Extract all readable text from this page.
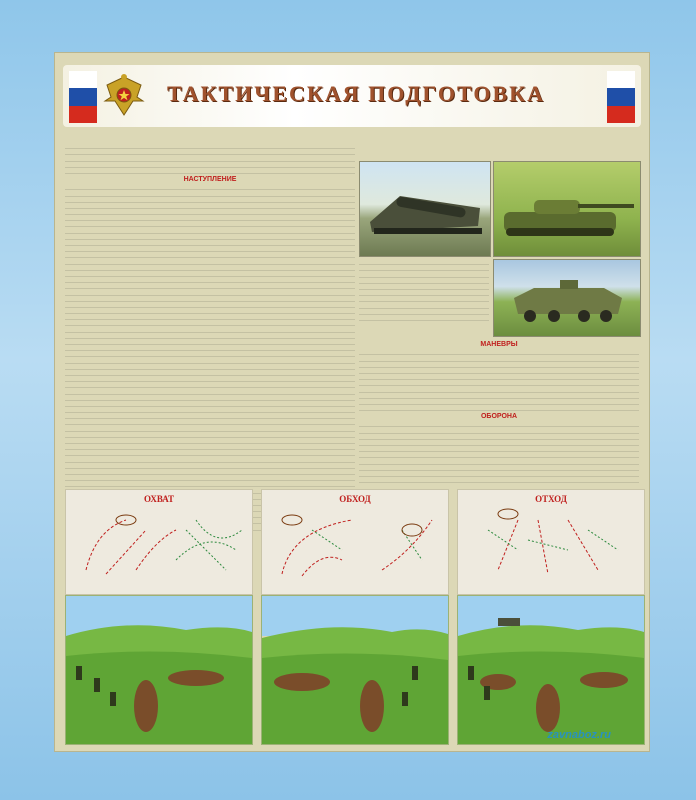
ТАКТИЧЕСКАЯ ПОДГОТОВКА
НАСТУПЛЕНИЕ
МАНЕВРЫ
ОБОРОНА
ОХВАТ	ОБХОД	ОТХОД
zavnaboz.ru
